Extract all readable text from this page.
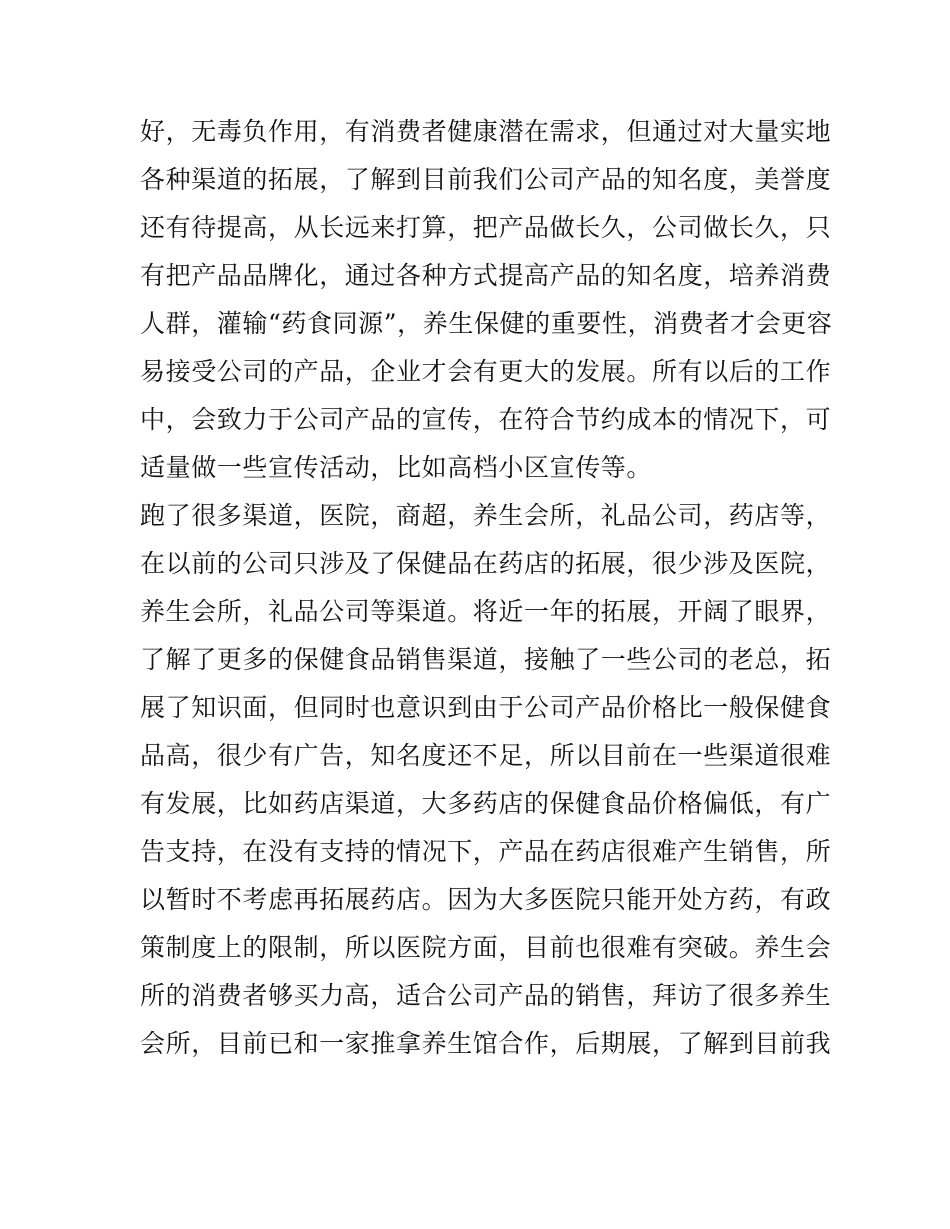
好，无毒负作用，有消费者健康潜在需求，但通过对大量实地
各种渠道的拓展，了解到目前我们公司产品的知名度，美誉度
还有待提高，从长远来打算，把产品做长久，公司做长久，只
有把产品品牌化，通过各种方式提高产品的知名度，培养消费
人群，灌输“药食同源”，养生保健的重要性，消费者才会更容
易接受公司的产品，企业才会有更大的发展。所有以后的工作
中，会致力于公司产品的宣传，在符合节约成本的情况下，可
适量做一些宣传活动，比如高档小区宣传等。
跑了很多渠道，医院，商超，养生会所，礼品公司，药店等，
在以前的公司只涉及了保健品在药店的拓展，很少涉及医院，
养生会所，礼品公司等渠道。将近一年的拓展，开阔了眼界，
了解了更多的保健食品销售渠道，接触了一些公司的老总，拓
展了知识面，但同时也意识到由于公司产品价格比一般保健食
品高，很少有广告，知名度还不足，所以目前在一些渠道很难
有发展，比如药店渠道，大多药店的保健食品价格偏低，有广
告支持，在没有支持的情况下，产品在药店很难产生销售，所
以暂时不考虑再拓展药店。因为大多医院只能开处方药，有政
策制度上的限制，所以医院方面，目前也很难有突破。养生会
所的消费者够买力高，适合公司产品的销售，拜访了很多养生
会所，目前已和一家推拿养生馆合作，后期展，了解到目前我
